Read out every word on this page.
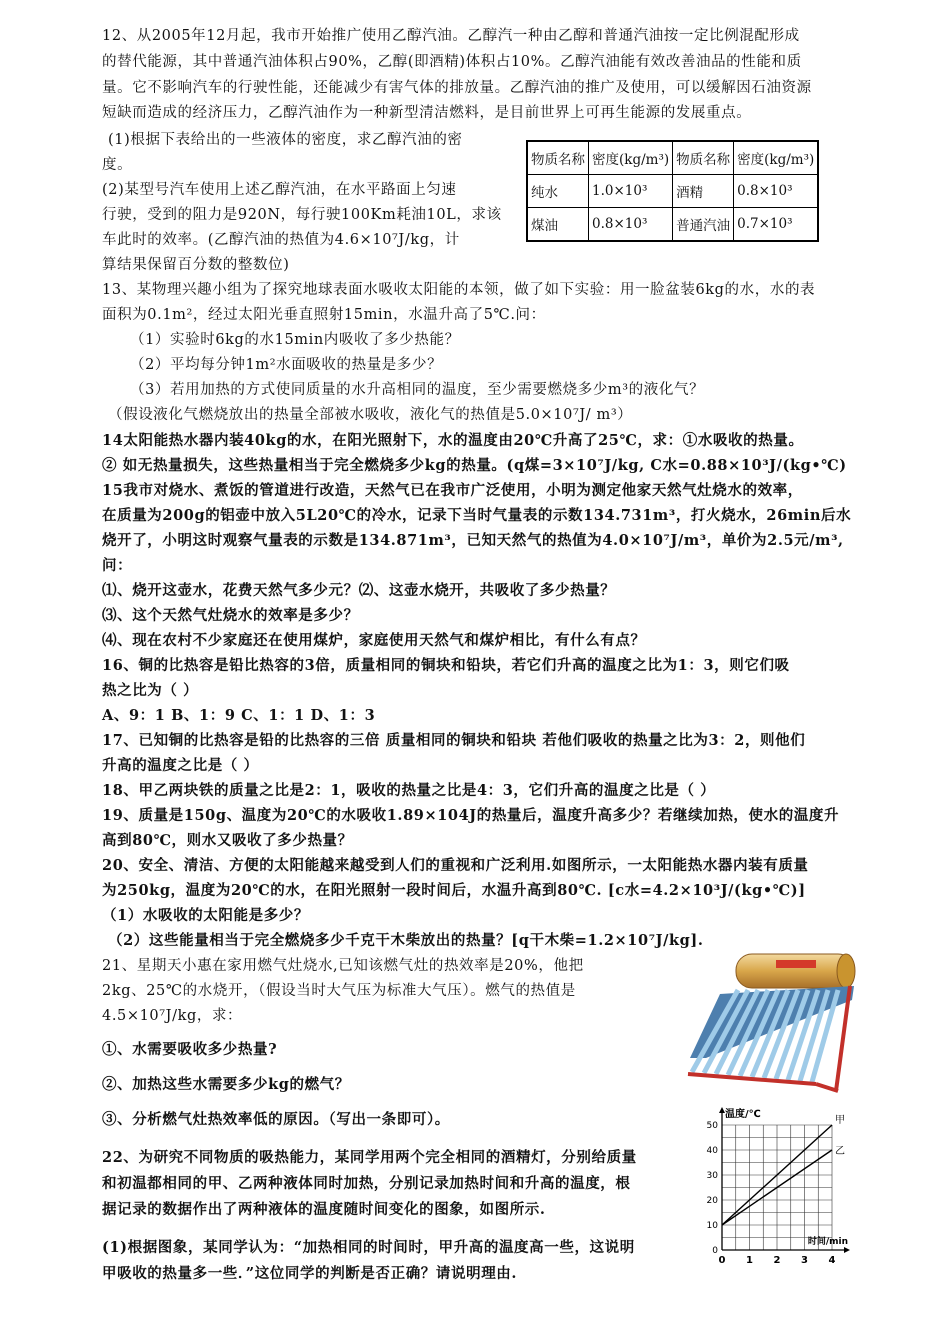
12、从2005年12月起，我市开始推广使用乙醇汽油。乙醇汽一种由乙醇和普通汽油按一定比例混配形成
的替代能源，其中普通汽油体积占90%，乙醇(即酒精)体积占10%。乙醇汽油能有效改善油品的性能和质
量。它不影响汽车的行驶性能，还能减少有害气体的排放量。乙醇汽油的推广及使用，可以缓解因石油资源
短缺而造成的经济压力，乙醇汽油作为一种新型清洁燃料，是目前世界上可再生能源的发展重点。
(1)根据下表给出的一些液体的密度，求乙醇汽油的密
度。
(2)某型号汽车使用上述乙醇汽油，在水平路面上匀速
行驶，受到的阻力是920N，每行驶100Km耗油10L，求该
车此时的效率。(乙醇汽油的热值为4.6×10⁷J/kg，计
算结果保留百分数的整数位)
13、某物理兴趣小组为了探究地球表面水吸收太阳能的本领，做了如下实验：用一脸盆装6kg的水，水的表
面积为0.1m²，经过太阳光垂直照射15min，水温升高了5℃.问：
（1）实验时6kg的水15min内吸收了多少热能？
（2）平均每分钟1m²水面吸收的热量是多少？
（3）若用加热的方式使同质量的水升高相同的温度，至少需要燃烧多少m³的液化气？
（假设液化气燃烧放出的热量全部被水吸收，液化气的热值是5.0×10⁷J/ m³）
14太阳能热水器内装40kg的水，在阳光照射下，水的温度由20℃升高了25℃，求：①水吸收的热量。
② 如无热量损失，这些热量相当于完全燃烧多少kg的热量。(q煤=3×10⁷J/kg, C水=0.88×10³J/(kg•℃)
15我市对烧水、煮饭的管道进行改造，天然气已在我市广泛使用，小明为测定他家天然气灶烧水的效率，
在质量为200g的铝壶中放入5L20℃的冷水，记录下当时气量表的示数134.731m³，打火烧水，26min后水
烧开了，小明这时观察气量表的示数是134.871m³，已知天然气的热值为4.0×10⁷J/m³，单价为2.5元/m³,
问：
⑴、烧开这壶水，花费天然气多少元？⑵、这壶水烧开，共吸收了多少热量？
⑶、这个天然气灶烧水的效率是多少？
⑷、现在农村不少家庭还在使用煤炉，家庭使用天然气和煤炉相比，有什么有点？
16、铜的比热容是铅比热容的3倍，质量相同的铜块和铅块，若它们升高的温度之比为1：3，则它们吸
热之比为（ ）
A、9：1 B、1：9 C、1：1 D、1：3
17、已知铜的比热容是铅的比热容的三倍 质量相同的铜块和铅块 若他们吸收的热量之比为3：2，则他们
升高的温度之比是（ ）
18、甲乙两块铁的质量之比是2：1，吸收的热量之比是4：3，它们升高的温度之比是（ ）
19、质量是150g、温度为20℃的水吸收1.89×104J的热量后，温度升高多少？若继续加热，使水的温度升
高到80℃，则水又吸收了多少热量？
20、安全、清洁、方便的太阳能越来越受到人们的重视和广泛利用.如图所示，一太阳能热水器内装有质量
为250kg，温度为20℃的水，在阳光照射一段时间后，水温升高到80℃. [c水=4.2×10³J/(kg•℃)]
（1）水吸收的太阳能是多少？
（2）这些能量相当于完全燃烧多少千克干木柴放出的热量？[q干木柴=1.2×10⁷J/kg].
21、星期天小惠在家用燃气灶烧水,已知该燃气灶的热效率是20%，他把
2kg、25℃的水烧开，（假设当时大气压为标准大气压）。燃气的热值是
4.5×10⁷J/kg，求：
①、水需要吸收多少热量?
②、加热这些水需要多少kg的燃气？
③、分析燃气灶热效率低的原因。（写出一条即可）。
22、为研究不同物质的吸热能力，某同学用两个完全相同的酒精灯，分别给质量
和初温都相同的甲、乙两种液体同时加热，分别记录加热时间和升高的温度，根
据记录的数据作出了两种液体的温度随时间变化的图象，如图所示.
(1)根据图象，某同学认为：“加热相同的时间时，甲升高的温度高一些，这说明
甲吸收的热量多一些．”这位同学的判断是否正确？请说明理由.
物质名称	密度(kg/m³)	物质名称	密度(kg/m³)
纯水	1.0×10³	酒精	0.8×10³
煤油	0.8×10³	普通汽油	0.7×10³
甲
乙
0 1 2 3 4
0
10
20
30
40
50
温度/℃
时间/min
